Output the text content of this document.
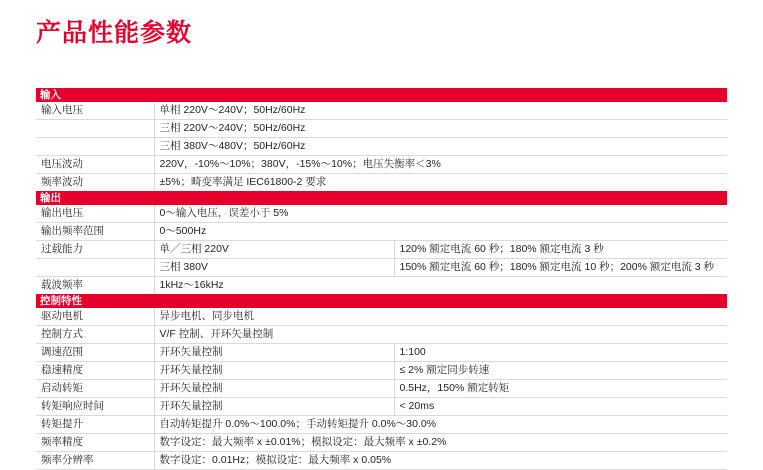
产品性能参数
输入		
输入电压	单相 220V～240V；50Hz/60Hz	
	三相 220V～240V；50Hz/60Hz	
	三相 380V～480V；50Hz/60Hz	
电压波动	220V，-10%～10%；380V，-15%～10%；电压失衡率＜3%	
频率波动	±5%；畸变率满足 IEC61800-2 要求	
输出		
输出电压	0～输入电压，误差小于 5%	
输出频率范围	0～500Hz	
过载能力	单／三相 220V	120% 额定电流 60 秒；180% 额定电流 3 秒
	三相 380V	150% 额定电流 60 秒；180% 额定电流 10 秒；200% 额定电流 3 秒
载波频率	1kHz～16kHz	
控制特性		
驱动电机	异步电机、同步电机	
控制方式	V/F 控制、开环矢量控制	
调速范围	开环矢量控制	1:100
稳速精度	开环矢量控制	≤ 2% 额定同步转速
启动转矩	开环矢量控制	0.5Hz，150% 额定转矩
转矩响应时间	开环矢量控制	< 20ms
转矩提升	自动转矩提升 0.0%～100.0%；手动转矩提升 0.0%～30.0%	
频率精度	数字设定：最大频率 x ±0.01%；模拟设定：最大频率 x ±0.2%	
频率分辨率	数字设定：0.01Hz；模拟设定：最大频率 x 0.05%	
